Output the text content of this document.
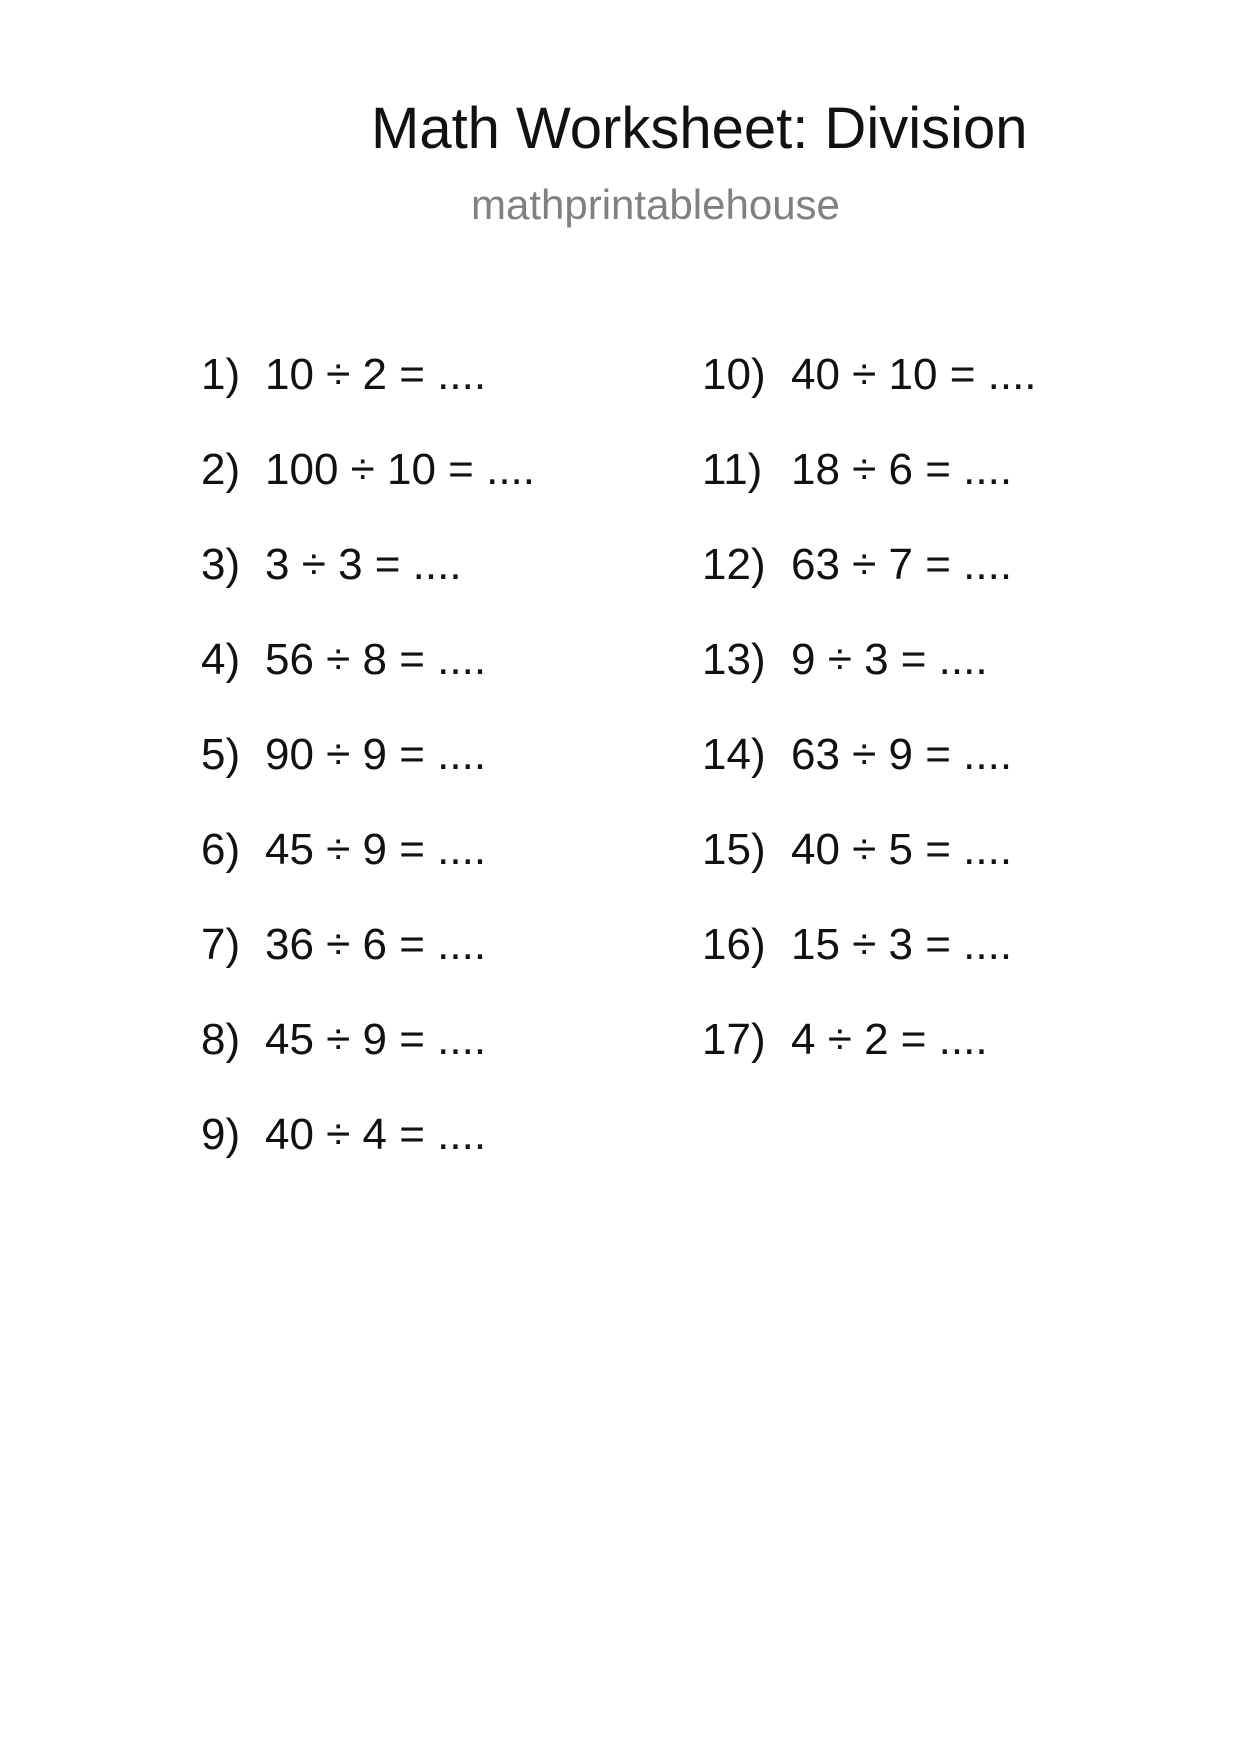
Math Worksheet: Division
mathprintablehouse
1) 10 ÷ 2 = ....
2) 100 ÷ 10 = ....
3) 3 ÷ 3 = ....
4) 56 ÷ 8 = ....
5) 90 ÷ 9 = ....
6) 45 ÷ 9 = ....
7) 36 ÷ 6 = ....
8) 45 ÷ 9 = ....
9) 40 ÷ 4 = ....
10) 40 ÷ 10 = ....
11) 18 ÷ 6 = ....
12) 63 ÷ 7 = ....
13) 9 ÷ 3 = ....
14) 63 ÷ 9 = ....
15) 40 ÷ 5 = ....
16) 15 ÷ 3 = ....
17) 4 ÷ 2 = ....
